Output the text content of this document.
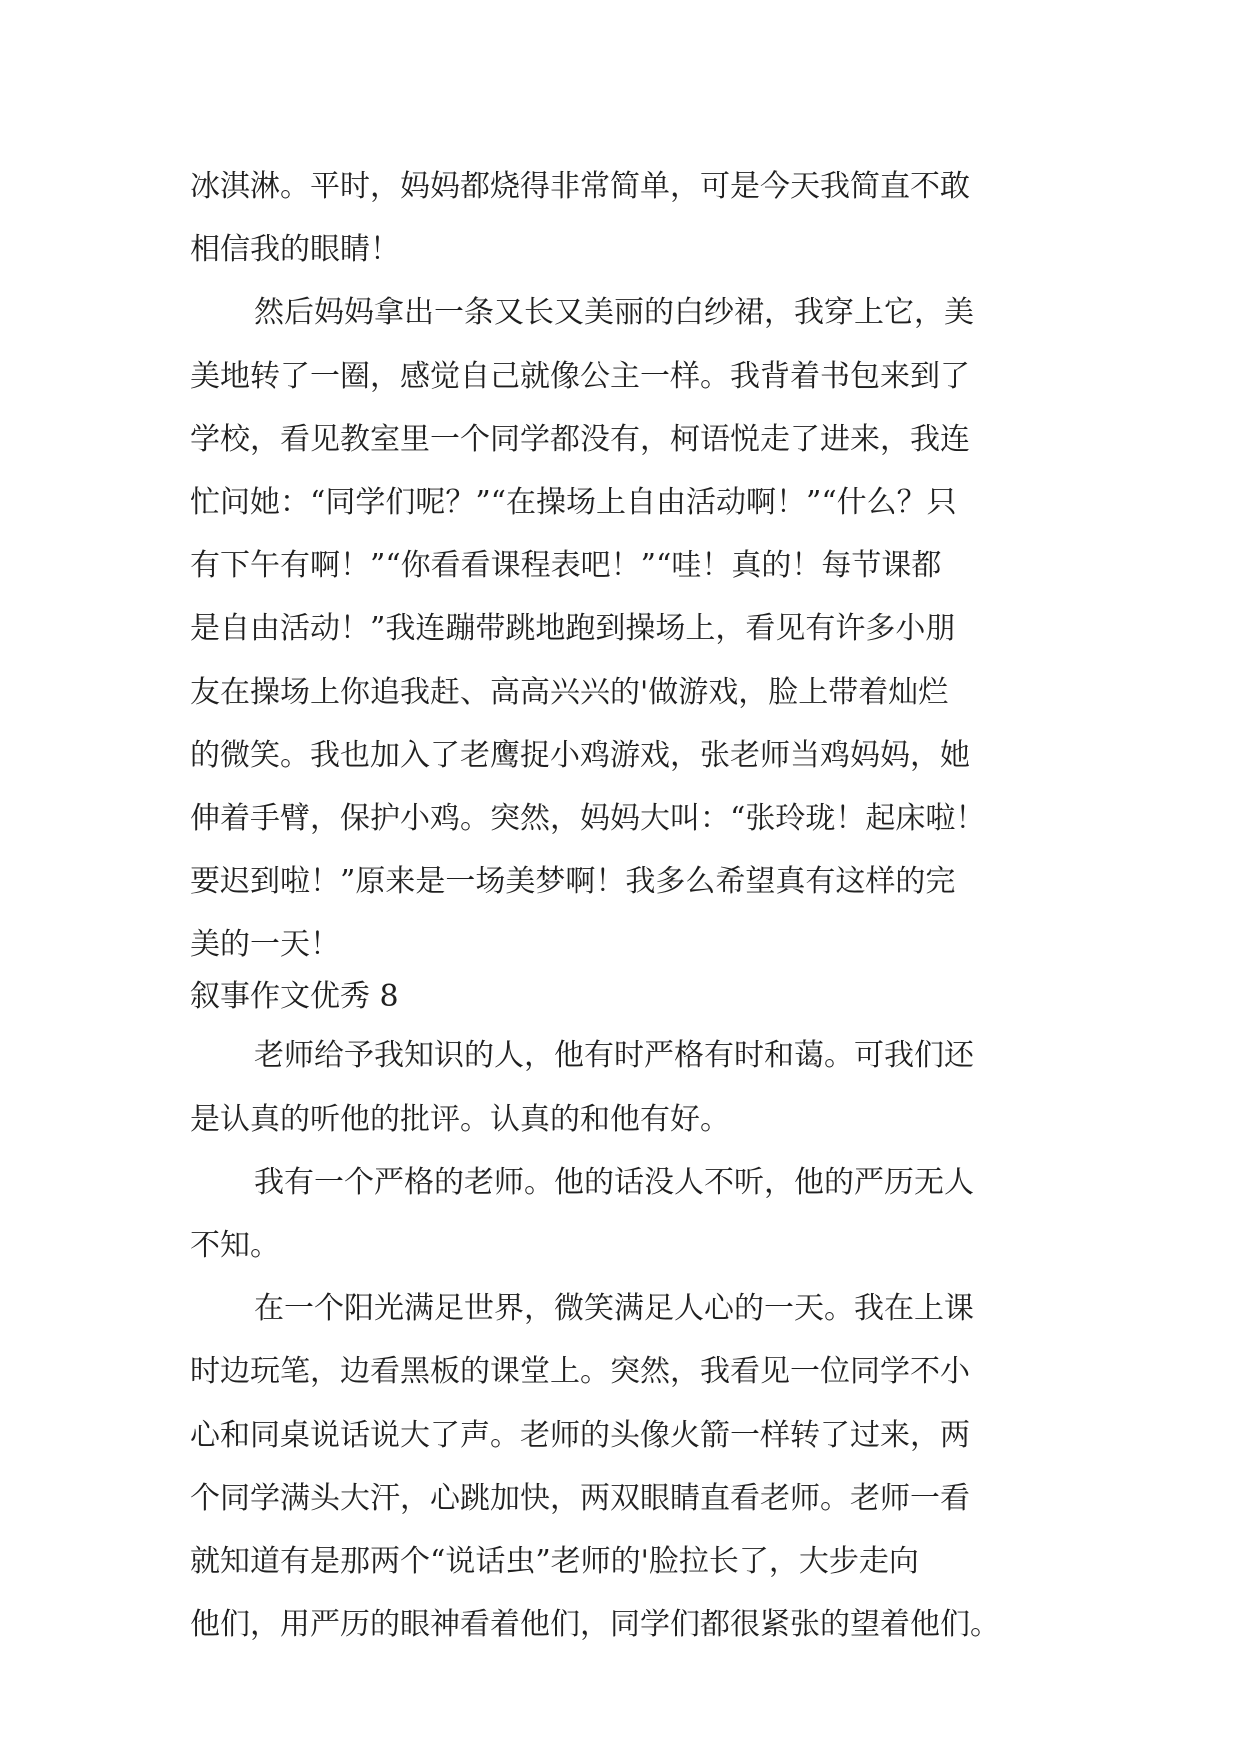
冰淇淋。平时，妈妈都烧得非常简单，可是今天我简直不敢
相信我的眼睛！
然后妈妈拿出一条又长又美丽的白纱裙，我穿上它，美
美地转了一圈，感觉自己就像公主一样。我背着书包来到了
学校，看见教室里一个同学都没有，柯语悦走了进来，我连
忙问她：“同学们呢？”“在操场上自由活动啊！”“什么？只
有下午有啊！”“你看看课程表吧！”“哇！真的！每节课都
是自由活动！”我连蹦带跳地跑到操场上，看见有许多小朋
友在操场上你追我赶、高高兴兴的'做游戏，脸上带着灿烂
的微笑。我也加入了老鹰捉小鸡游戏，张老师当鸡妈妈，她
伸着手臂，保护小鸡。突然，妈妈大叫：“张玲珑！起床啦！
要迟到啦！”原来是一场美梦啊！我多么希望真有这样的完
美的一天！
叙事作文优秀 8
老师给予我知识的人，他有时严格有时和蔼。可我们还
是认真的听他的批评。认真的和他有好。
我有一个严格的老师。他的话没人不听，他的严历无人
不知。
在一个阳光满足世界，微笑满足人心的一天。我在上课
时边玩笔，边看黑板的课堂上。突然，我看见一位同学不小
心和同桌说话说大了声。老师的头像火箭一样转了过来，两
个同学满头大汗，心跳加快，两双眼睛直看老师。老师一看
就知道有是那两个“说话虫”老师的'脸拉长了，大步走向
他们，用严历的眼神看着他们，同学们都很紧张的望着他们。
